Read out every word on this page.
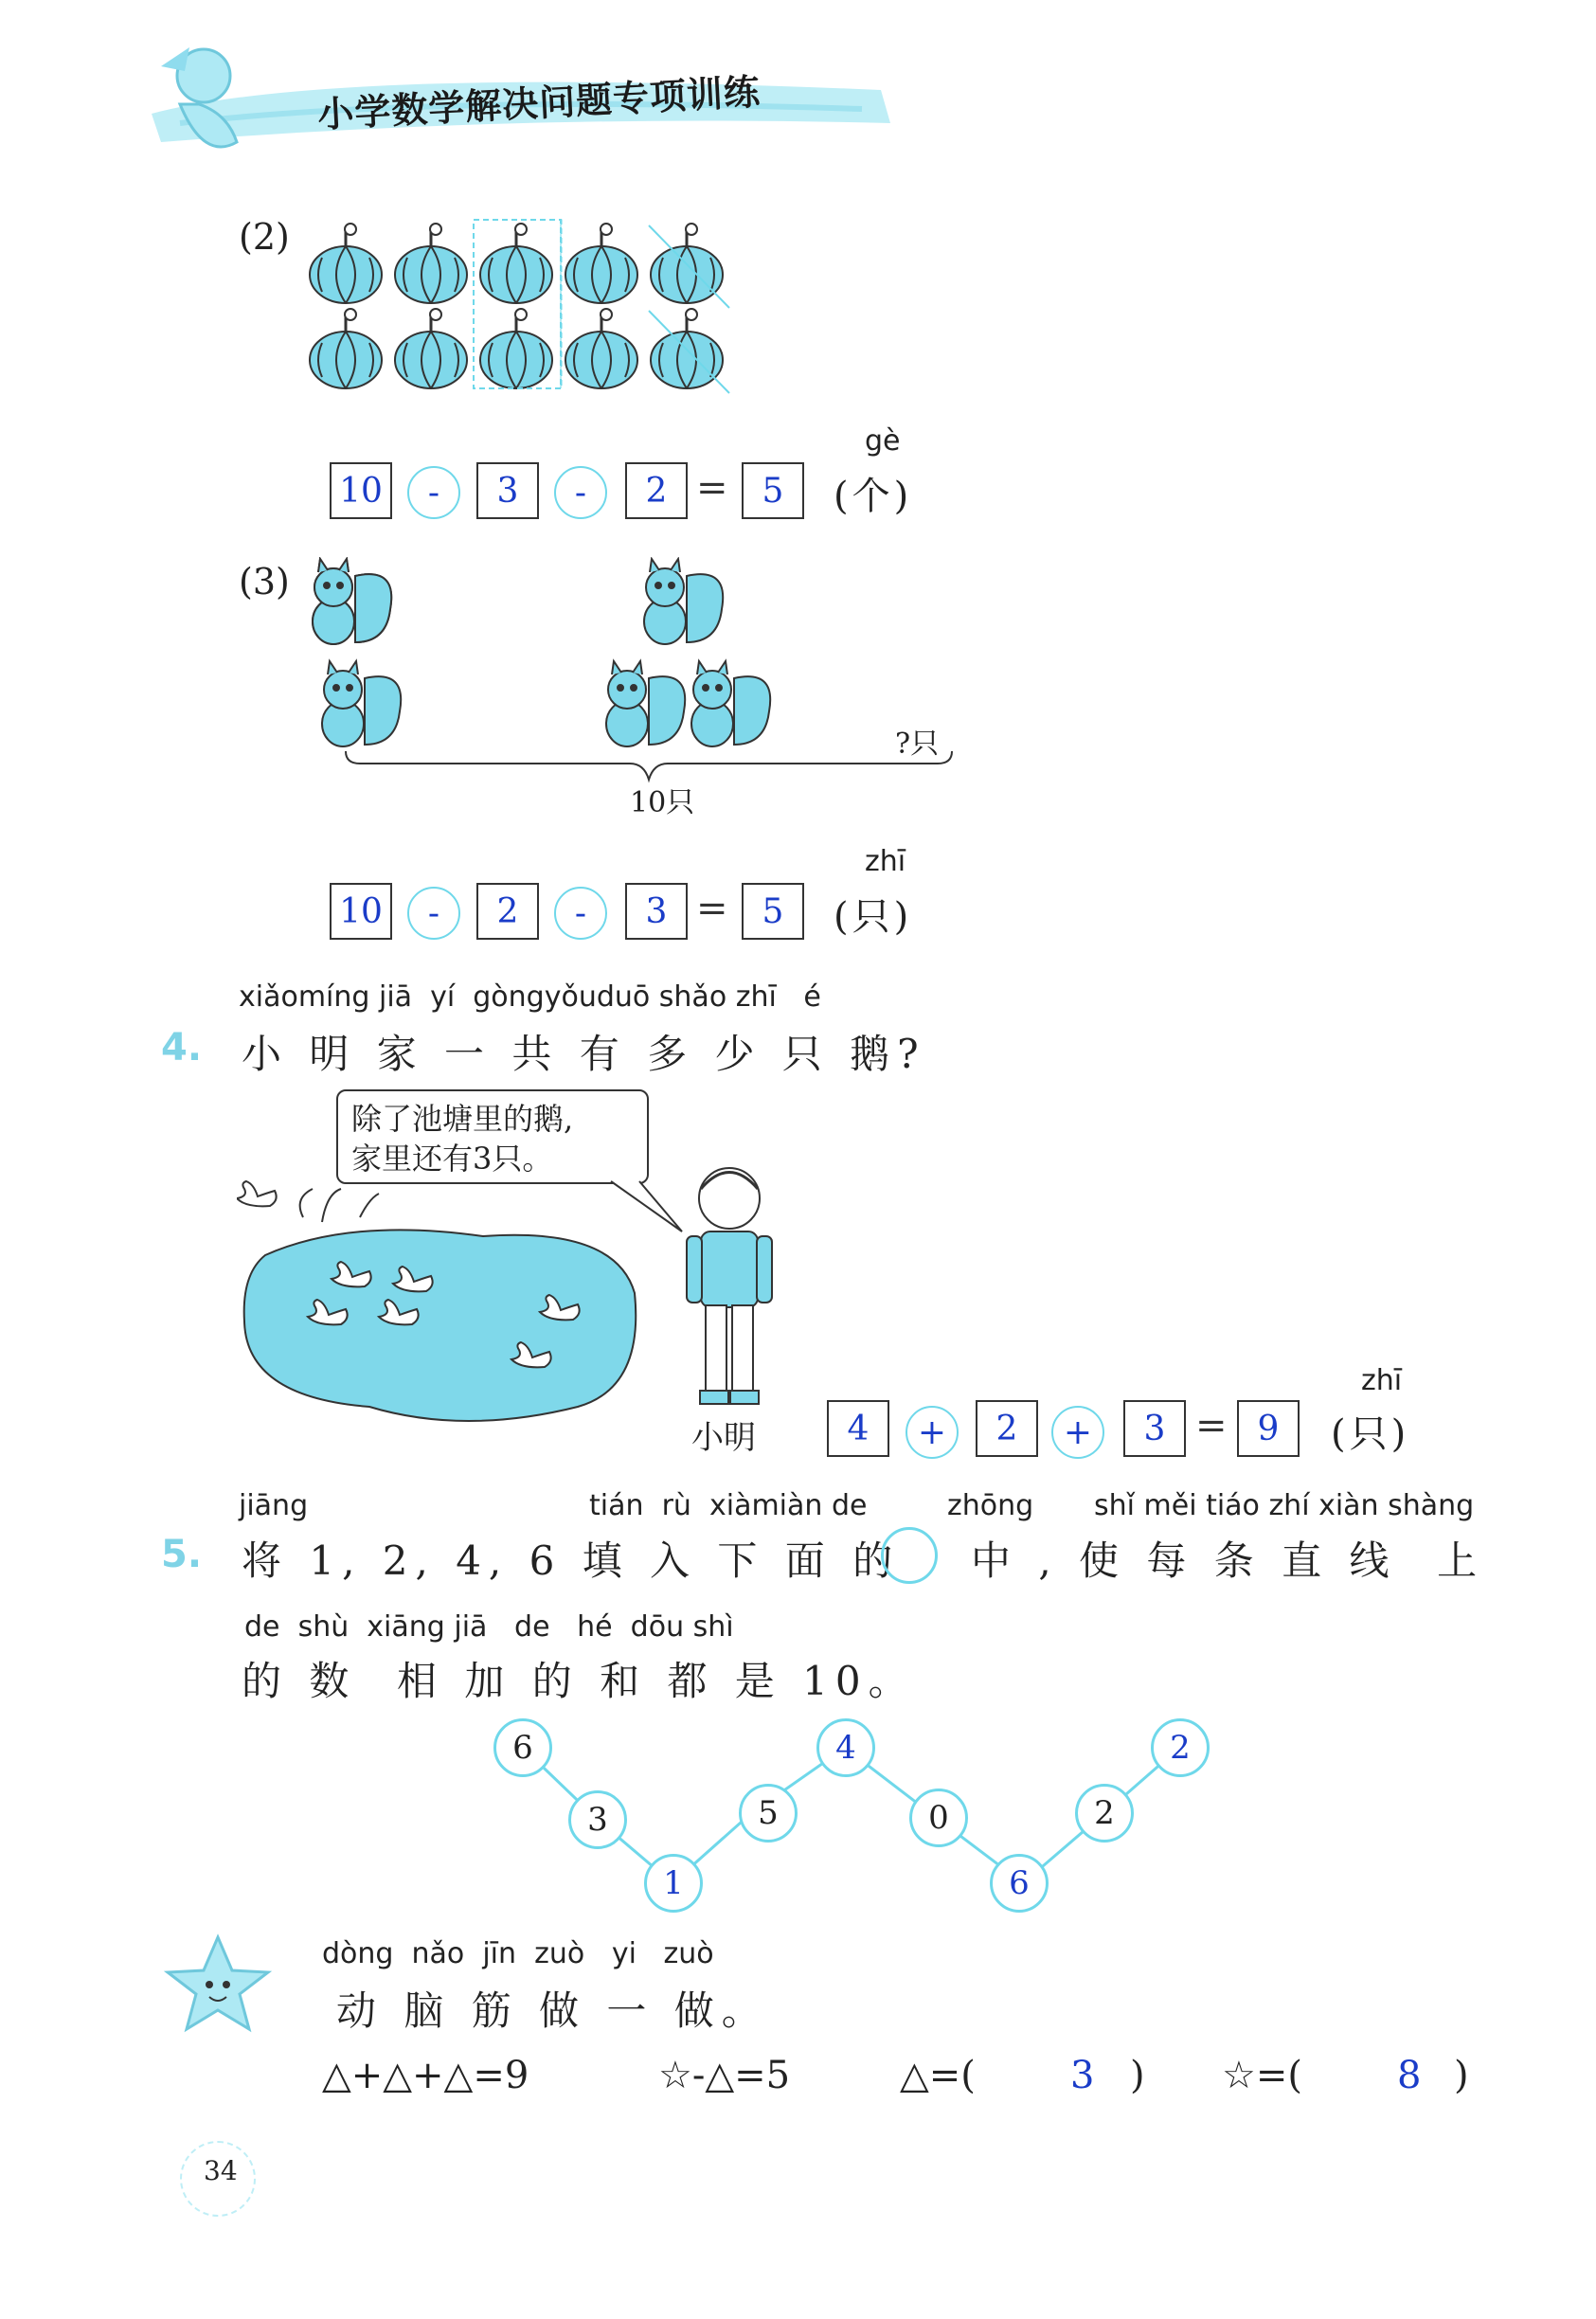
小学数学解决问题专项训练
(2)
gè
10	-	3	-	2 =	5	(个)
(3)
?只
10只
zhī
10	-	2	-	3 =	5	(只)
xiǎomíng jiā  yí  gòngyǒuduō shǎo zhī   é
4. 小 明 家 一 共 有 多 少 只 鹅?
除了池塘里的鹅,
家里还有3只。
小明
zhī
4	+	2	+	3 = 9	(只)
jiāng	tián  rù  xiàmiàn de	zhōng shǐ měi tiáo zhí xiàn shàng
5. 将 1, 2, 4, 6 填 入 下 面 的 中 , 使 每 条 直 线  上
de  shù  xiāng jiā   de   hé  dōu shì
的 数  相 加 的 和 都 是 10。
6
3
1
5
4
0
6
2
2
dòng  nǎo  jīn  zuò   yi   zuò
动 脑 筋 做 一 做。
△+△+△=9	☆-△=5	△=(	3 ) ☆=(	8 )
34
